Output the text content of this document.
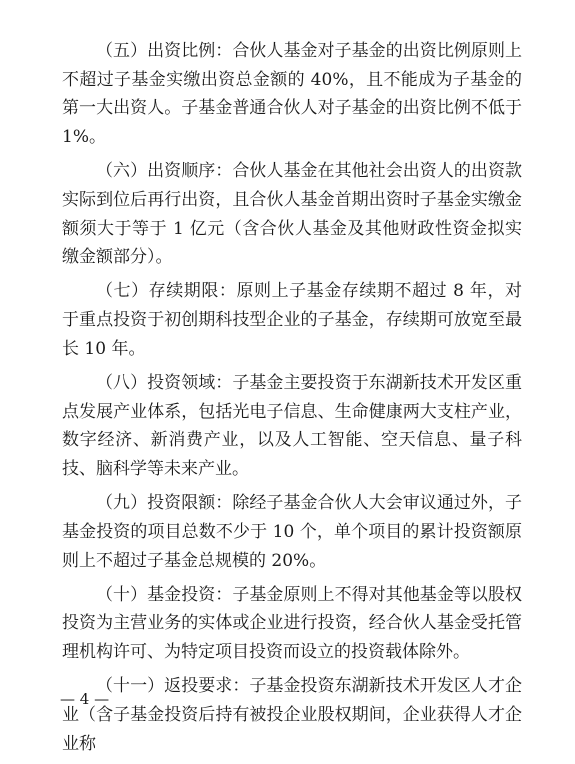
（五）出资比例：合伙人基金对子基金的出资比例原则上不超过子基金实缴出资总金额的 40%，且不能成为子基金的第一大出资人。子基金普通合伙人对子基金的出资比例不低于 1%。

（六）出资顺序：合伙人基金在其他社会出资人的出资款实际到位后再行出资，且合伙人基金首期出资时子基金实缴金额须大于等于 1 亿元（含合伙人基金及其他财政性资金拟实缴金额部分）。

（七）存续期限：原则上子基金存续期不超过 8 年，对于重点投资于初创期科技型企业的子基金，存续期可放宽至最长 10 年。

（八）投资领域：子基金主要投资于东湖新技术开发区重点发展产业体系，包括光电子信息、生命健康两大支柱产业，数字经济、新消费产业，以及人工智能、空天信息、量子科技、脑科学等未来产业。

（九）投资限额：除经子基金合伙人大会审议通过外，子基金投资的项目总数不少于 10 个，单个项目的累计投资额原则上不超过子基金总规模的 20%。

（十）基金投资：子基金原则上不得对其他基金等以股权投资为主营业务的实体或企业进行投资，经合伙人基金受托管理机构许可、为特定项目投资而设立的投资载体除外。

（十一）返投要求：子基金投资东湖新技术开发区人才企业（含子基金投资后持有被投企业股权期间，企业获得人才企业称

— 4 —
